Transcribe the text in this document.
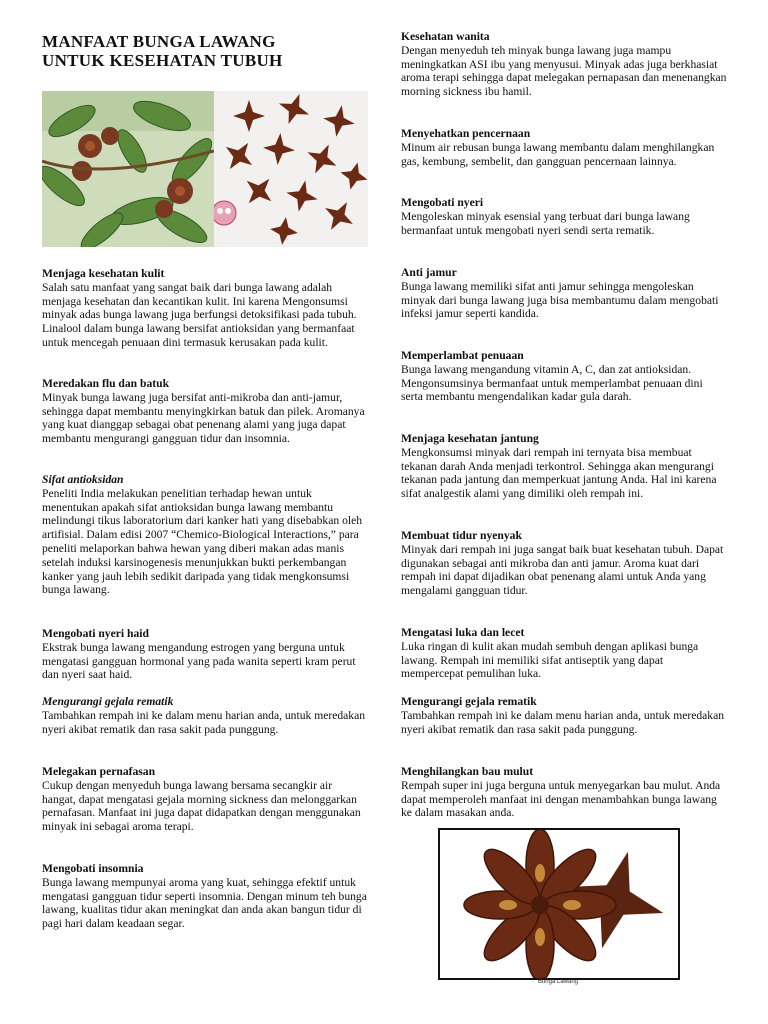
MANFAAT BUNGA LAWANG
UNTUK KESEHATAN TUBUH
Menjaga kesehatan kulit

Salah satu manfaat yang sangat baik dari bunga lawang adalah menjaga kesehatan dan kecantikan kulit. Ini karena Mengonsumsi minyak adas bunga lawang juga berfungsi detoksifikasi pada tubuh. Linalool dalam bunga lawang bersifat antioksidan yang bermanfaat untuk mencegah penuaan dini termasuk kerusakan pada kulit.

Meredakan flu dan batuk

Minyak bunga lawang juga bersifat anti-mikroba dan anti-jamur, sehingga dapat membantu menyingkirkan batuk dan pilek. Aromanya yang kuat dianggap sebagai obat penenang alami yang juga dapat membantu mengurangi gangguan tidur dan insomnia.

Sifat antioksidan

Peneliti India melakukan penelitian terhadap hewan untuk menentukan apakah sifat antioksidan bunga lawang membantu melindungi tikus laboratorium dari kanker hati yang disebabkan oleh artifisial. Dalam edisi 2007 “Chemico-Biological Interactions,” para peneliti melaporkan bahwa hewan yang diberi makan adas manis setelah induksi karsinogenesis menunjukkan bukti perkembangan kanker yang jauh lebih sedikit daripada yang tidak mengkonsumsi bunga lawang.

Mengobati nyeri haid

Ekstrak bunga lawang mengandung estrogen yang berguna untuk mengatasi gangguan hormonal yang pada wanita seperti kram perut dan nyeri saat haid.

Mengurangi gejala rematik

Tambahkan rempah ini ke dalam menu harian anda, untuk meredakan nyeri akibat rematik dan rasa sakit pada punggung.

Melegakan pernafasan

Cukup dengan menyeduh bunga lawang bersama secangkir air hangat, dapat mengatasi gejala morning sickness dan melonggarkan pernafasan. Manfaat ini juga dapat didapatkan dengan menggunakan minyak ini sebagai aroma terapi.

Mengobati insomnia

Bunga lawang mempunyai aroma yang kuat, sehingga efektif untuk mengatasi gangguan tidur seperti insomnia. Dengan minum teh bunga lawang, kualitas tidur akan meningkat dan anda akan bangun tidur di pagi hari dalam keadaan segar.

Kesehatan wanita

Dengan menyeduh teh minyak bunga lawang juga mampu meningkatkan ASI ibu yang menyusui. Minyak adas juga berkhasiat aroma terapi sehingga dapat melegakan pernapasan dan menenangkan morning sickness ibu hamil.

Menyehatkan pencernaan

Minum air rebusan bunga lawang membantu dalam menghilangkan gas, kembung, sembelit, dan gangguan pencernaan lainnya.

Mengobati nyeri

Mengoleskan minyak esensial yang terbuat dari bunga lawang bermanfaat untuk mengobati nyeri sendi serta rematik.

Anti jamur

Bunga lawang memiliki sifat anti jamur sehingga mengoleskan minyak dari bunga lawang juga bisa membantumu dalam mengobati infeksi jamur seperti kandida.

Memperlambat penuaan

Bunga lawang mengandung vitamin A, C, dan zat antioksidan. Mengonsumsinya bermanfaat untuk memperlambat penuaan dini serta membantu mengendalikan kadar gula darah.

Menjaga kesehatan jantung

Mengkonsumsi minyak dari rempah ini ternyata bisa membuat tekanan darah Anda menjadi terkontrol. Sehingga akan mengurangi tekanan pada jantung dan memperkuat jantung Anda. Hal ini karena sifat analgestik alami yang dimiliki oleh rempah ini.

Membuat tidur nyenyak

Minyak dari rempah ini juga sangat baik buat kesehatan tubuh. Dapat digunakan sebagai anti mikroba dan anti jamur. Aroma kuat dari rempah ini dapat dijadikan obat penenang alami untuk Anda yang mengalami gangguan tidur.

Mengatasi luka dan lecet

Luka ringan di kulit akan mudah sembuh dengan aplikasi bunga lawang. Rempah ini memiliki sifat antiseptik yang dapat mempercepat pemulihan luka.

Mengurangi gejala rematik

Tambahkan rempah ini ke dalam menu harian anda, untuk meredakan nyeri akibat rematik dan rasa sakit pada punggung.

Menghilangkan bau mulut

Rempah super ini juga berguna untuk menyegarkan bau mulut. Anda dapat memperoleh manfaat ini dengan menambahkan bunga lawang ke dalam masakan anda.

Bunga Lawang
